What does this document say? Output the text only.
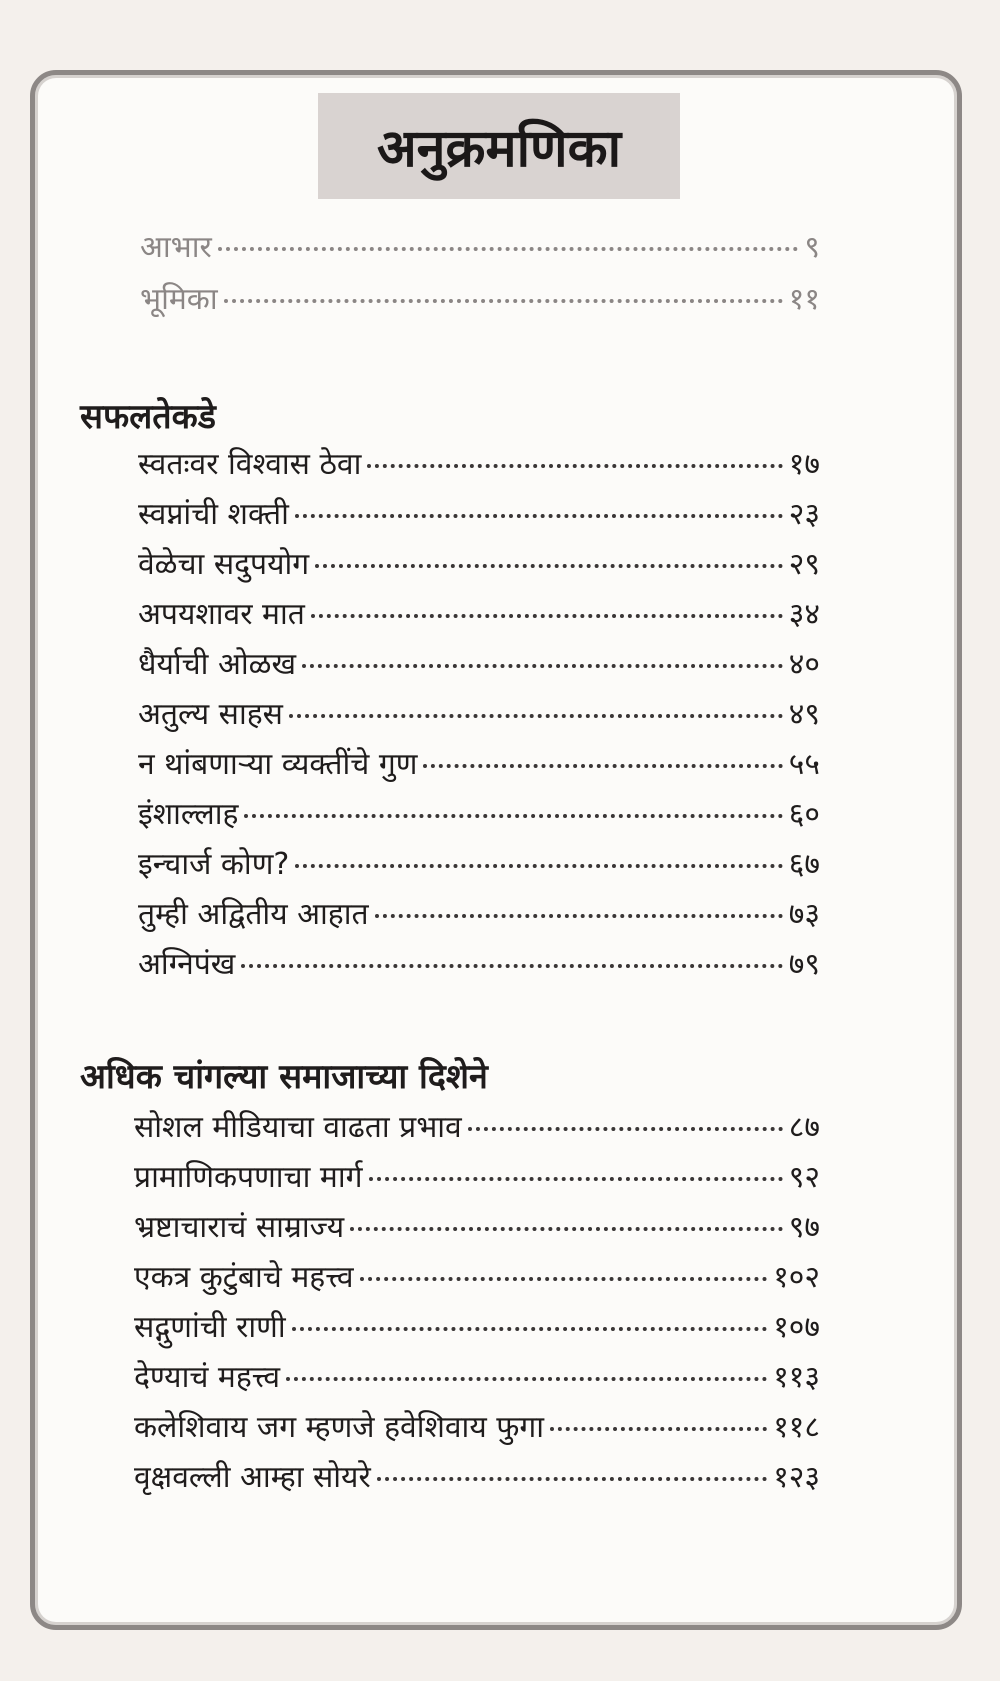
अनुक्रमणिका
आभार	९
भूमिका	११
सफलतेकडे
स्वतःवर विश्वास ठेवा	१७
स्वप्नांची शक्ती	२३
वेळेचा सदुपयोग	२९
अपयशावर मात	३४
धैर्याची ओळख	४०
अतुल्य साहस	४९
न थांबणाऱ्या व्यक्तींचे गुण	५५
इंशाल्लाह	६०
इन्चार्ज कोण?	६७
तुम्ही अद्वितीय आहात	७३
अग्निपंख	७९
अधिक चांगल्या समाजाच्या दिशेने
सोशल मीडियाचा वाढता प्रभाव	८७
प्रामाणिकपणाचा मार्ग	९२
भ्रष्टाचाराचं साम्राज्य	९७
एकत्र कुटुंबाचे महत्त्व	१०२
सद्गुणांची राणी	१०७
देण्याचं महत्त्व	११३
कलेशिवाय जग म्हणजे हवेशिवाय फुगा	११८
वृक्षवल्ली आम्हा सोयरे	१२३
